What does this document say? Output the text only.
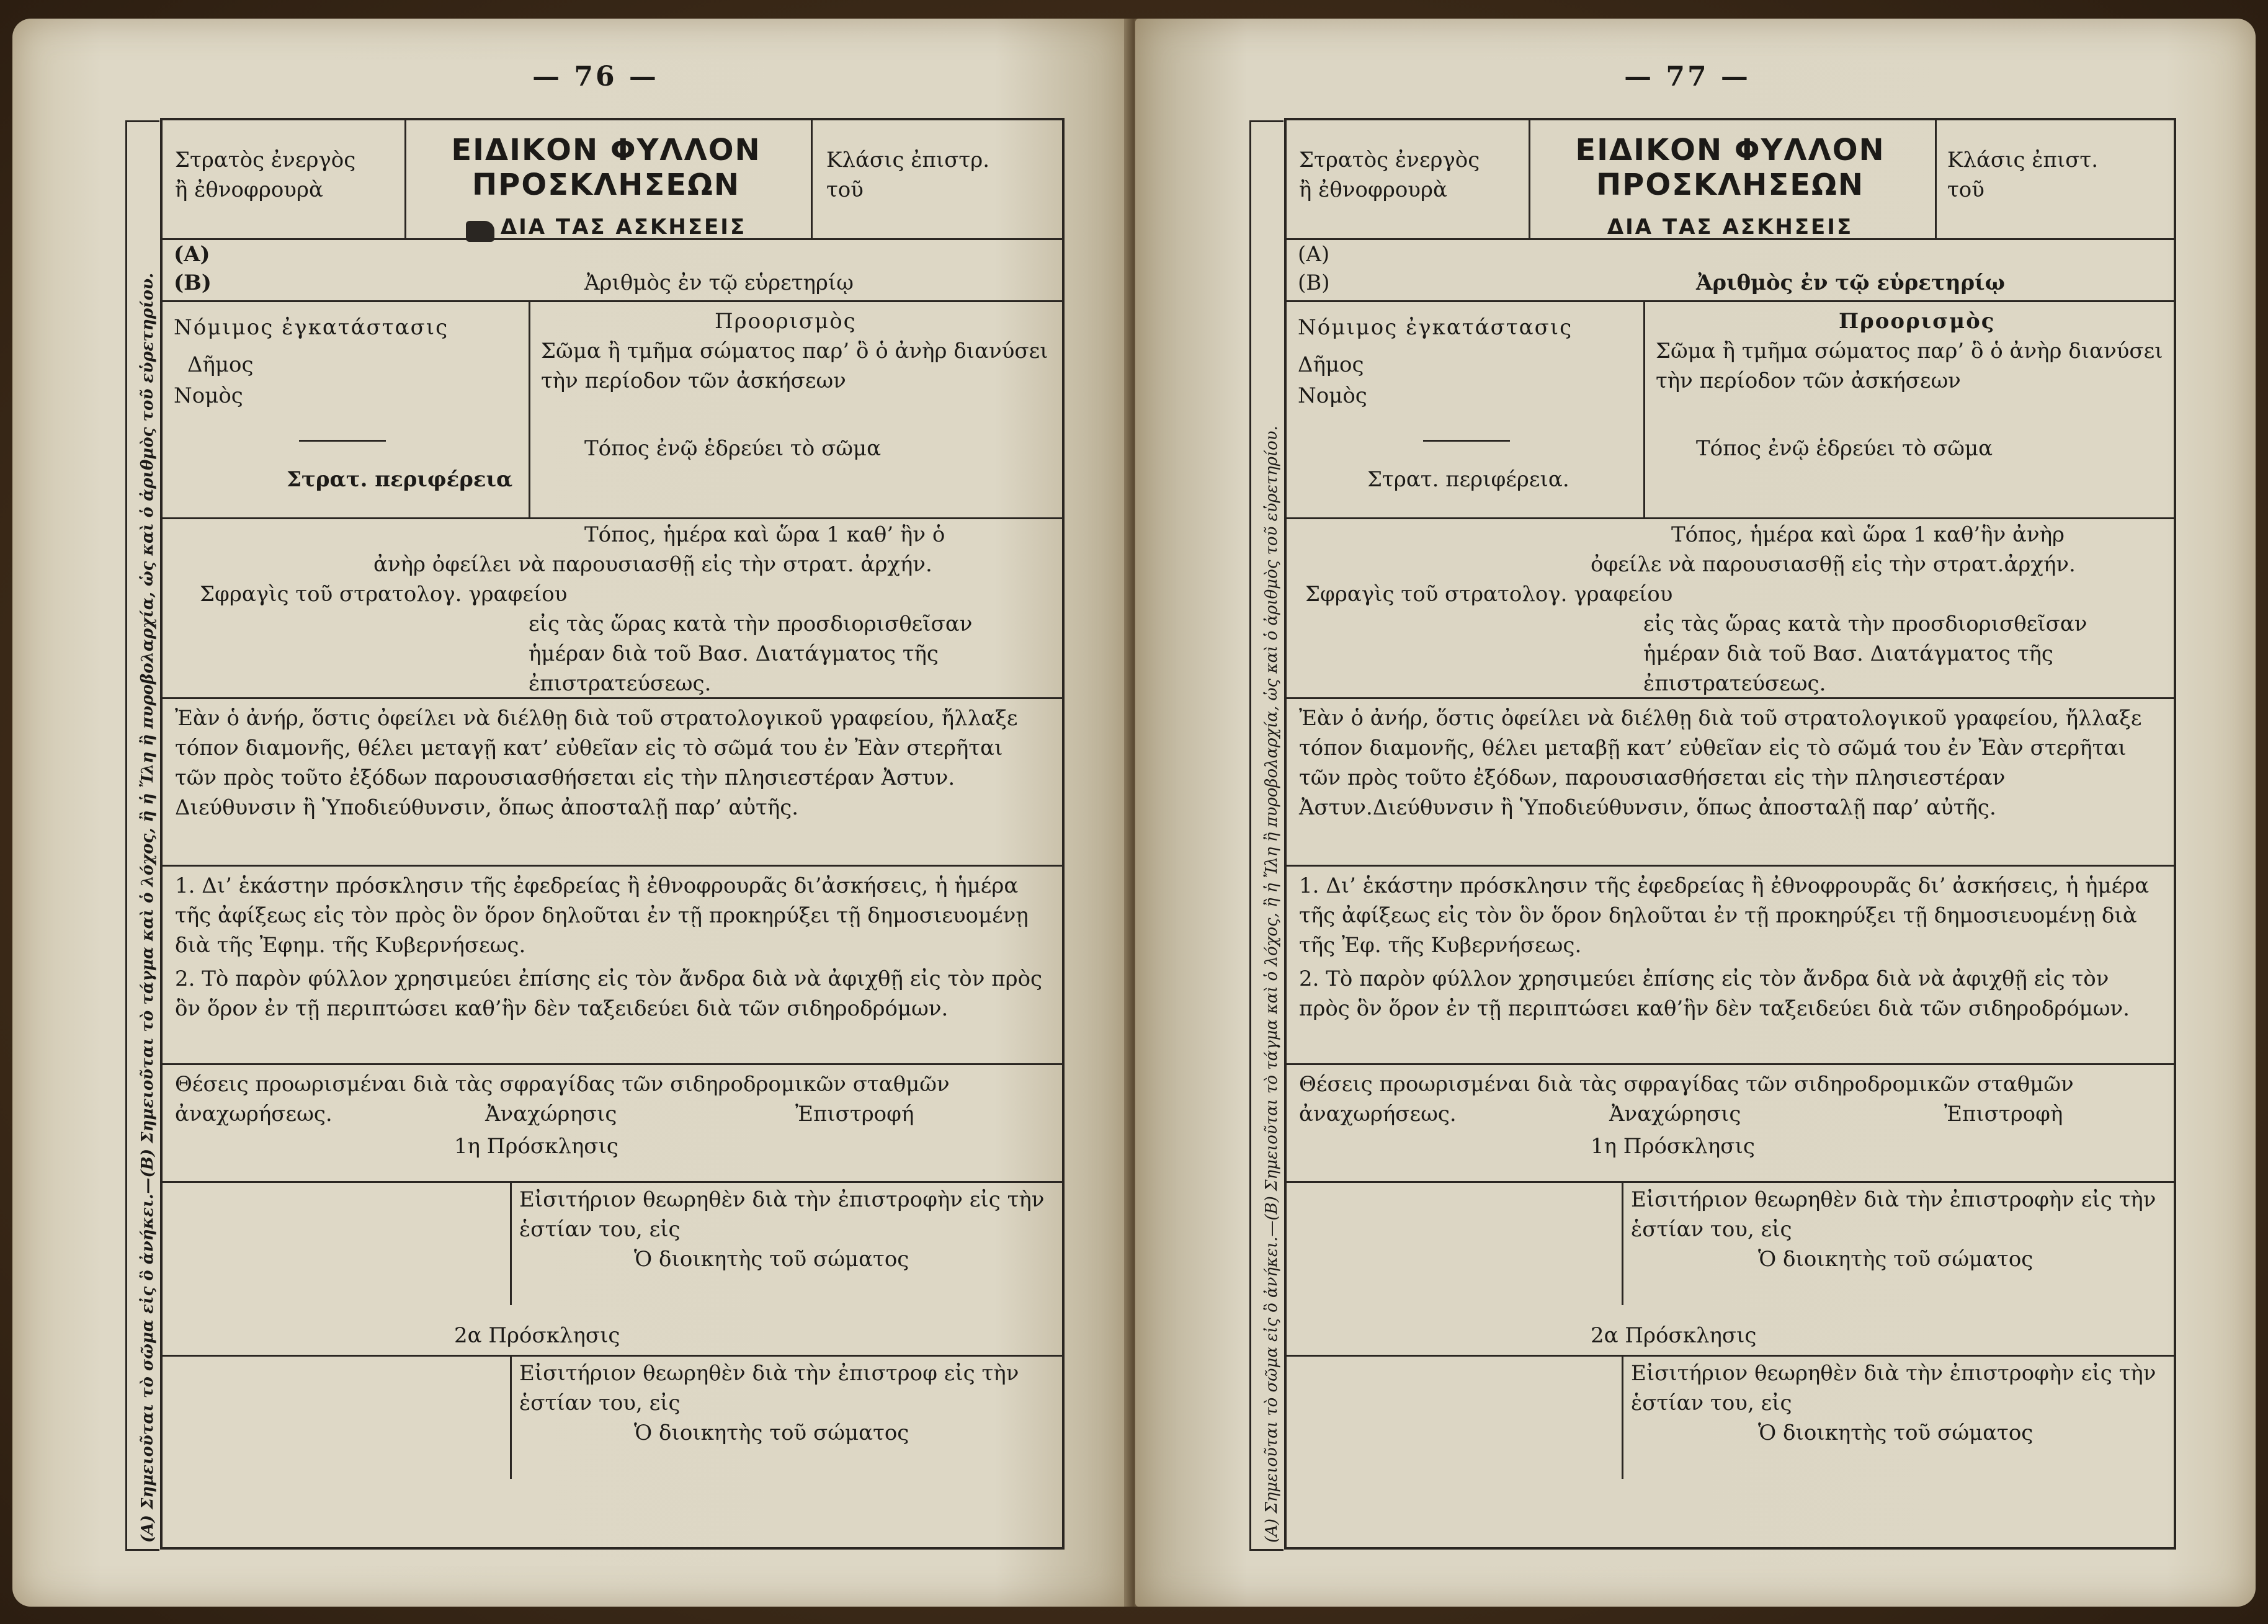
— 76 —
(Α) Σημειοῦται τὸ σῶμα εἰς ὃ ἀνήκει.—(Β) Σημειοῦται τὸ τάγμα καὶ ὁ λόχος, ἢ ἡ Ἴλη ἢ πυροβολαρχία, ὡς καὶ ὁ ἀριθμὸς τοῦ εὑρετηρίου.
Στρατὸς ἐνεργὸς
ἢ ἐθνοφρουρὰ
ΕΙΔΙΚΟΝ ΦΥΛΛΟΝ ΠΡΟΣΚΛΗΣΕΩΝ
ΔΙΑ ΤΑΣ ΑΣΚΗΣΕΙΣ
Κλάσις ἐπιστρ.
τοῦ
(Α)
(Β)	Ἀριθμὸς ἐν τῷ εὑρετηρίῳ
Νόμιμος ἐγκατάστασις
Δῆμος
Νομὸς
Στρατ. περιφέρεια
Προορισμὸς
Σῶμα ἢ τμῆμα σώματος παρ’ ὃ ὁ ἀνὴρ διανύσει τὴν περίοδον τῶν ἀσκήσεων
Τόπος ἐνῷ ἑδρεύει τὸ σῶμα
Τόπος, ἡμέρα καὶ ὥρα 1 καθ’ ἣν ὁ
ἀνὴρ ὀφείλει νὰ παρουσιασθῇ εἰς τὴν στρατ. ἀρχήν.
Σφραγὶς τοῦ στρατολογ. γραφείου
εἰς τὰς ὥρας κατὰ τὴν προσδιορισθεῖσαν ἡμέραν διὰ τοῦ Βασ. Διατάγματος τῆς ἐπιστρατεύσεως.
Ἐὰν ὁ ἀνήρ, ὅστις ὀφείλει νὰ διέλθῃ διὰ τοῦ στρατολογικοῦ γραφείου, ἤλλαξε τόπον διαμονῆς, θέλει μεταγῇ κατ’ εὐθεῖαν εἰς τὸ σῶμά του ἐν Ἐὰν στερῆται τῶν πρὸς τοῦτο ἐξόδων παρουσιασθήσεται εἰς τὴν πλησιεστέραν Ἀστυν. Διεύθυνσιν ἢ Ὑποδιεύθυνσιν, ὅπως ἀποσταλῇ παρ’ αὐτῆς.
1. Δι’ ἑκάστην πρόσκλησιν τῆς ἐφεδρείας ἢ ἐθνοφρουρᾶς δι’ἀσκήσεις, ἡ ἡμέρα τῆς ἀφίξεως εἰς τὸν πρὸς ὃν ὅρον δηλοῦται ἐν τῇ προκηρύξει τῇ δημοσιευομένῃ διὰ τῆς Ἐφημ. τῆς Κυβερνήσεως.
2. Τὸ παρὸν φύλλον χρησιμεύει ἐπίσης εἰς τὸν ἄνδρα διὰ νὰ ἀφιχθῇ εἰς τὸν πρὸς ὃν ὅρον ἐν τῇ περιπτώσει καθ’ἣν δὲν ταξειδεύει διὰ τῶν σιδηροδρόμων.
Θέσεις προωρισμέναι διὰ τὰς σφραγίδας τῶν σιδηροδρομικῶν σταθμῶν ἀναχωρήσεως.	Ἀναχώρησις	Ἐπιστροφή
1η Πρόσκλησις
Εἰσιτήριον θεωρηθὲν διὰ τὴν ἐπιστροφὴν εἰς τὴν ἑστίαν του, εἰς
Ὁ διοικητὴς τοῦ σώματος
2α Πρόσκλησις
Εἰσιτήριον θεωρηθὲν διὰ τὴν ἐπιστροφ εἰς τὴν ἑστίαν του, εἰς
Ὁ διοικητὴς τοῦ σώματος
— 77 —
(Α) Σημειοῦται τὸ σῶμα εἰς ὃ ἀνήκει.—(Β) Σημειοῦται τὸ τάγμα καὶ ὁ λόχος, ἢ ἡ Ἴλη ἢ πυροβολαρχία, ὡς καὶ ὁ ἀριθμὸς τοῦ εὑρετηρίου.
Στρατὸς ἐνεργὸς
ἢ ἐθνοφρουρὰ
ΕΙΔΙΚΟΝ ΦΥΛΛΟΝ ΠΡΟΣΚΛΗΣΕΩΝ
ΔΙΑ ΤΑΣ ΑΣΚΗΣΕΙΣ
Κλάσις ἐπιστ.
τοῦ
(Α)
(Β)	Ἀριθμὸς ἐν τῷ εὑρετηρίῳ
Νόμιμος ἐγκατάστασις
Δῆμος
Νομὸς
Στρατ. περιφέρεια.
Προορισμὸς
Σῶμα ἢ τμῆμα σώματος παρ’ ὃ ὁ ἀνὴρ διανύσει τὴν περίοδον τῶν ἀσκήσεων
Τόπος ἐνῷ ἑδρεύει τὸ σῶμα
Τόπος, ἡμέρα καὶ ὥρα 1 καθ’ἣν ἀνὴρ
ὀφείλε νὰ παρουσιασθῇ εἰς τὴν στρατ.ἀρχήν.
Σφραγὶς τοῦ στρατολογ. γραφείου
εἰς τὰς ὥρας κατὰ τὴν προσδιορισθεῖσαν ἡμέραν διὰ τοῦ Βασ. Διατάγματος τῆς ἐπιστρατεύσεως.
Ἐὰν ὁ ἀνήρ, ὅστις ὀφείλει νὰ διέλθῃ διὰ τοῦ στρατολογικοῦ γραφείου, ἤλλαξε τόπον διαμονῆς, θέλει μεταβῇ κατ’ εὐθεῖαν εἰς τὸ σῶμά του ἐν Ἐὰν στερῆται τῶν πρὸς τοῦτο ἐξόδων, παρουσιασθήσεται εἰς τὴν πλησιεστέραν Ἀστυν.Διεύθυνσιν ἢ Ὑποδιεύθυνσιν, ὅπως ἀποσταλῇ παρ’ αὐτῆς.
1. Δι’ ἑκάστην πρόσκλησιν τῆς ἐφεδρείας ἢ ἐθνοφρουρᾶς δι’ ἀσκήσεις, ἡ ἡμέρα τῆς ἀφίξεως εἰς τὸν ὃν ὅρον δηλοῦται ἐν τῇ προκηρύξει τῇ δημοσιευομένῃ διὰ τῆς Ἐφ. τῆς Κυβερνήσεως.
2. Τὸ παρὸν φύλλον χρησιμεύει ἐπίσης εἰς τὸν ἄνδρα διὰ νὰ ἀφιχθῇ εἰς τὸν πρὸς ὃν ὅρον ἐν τῇ περιπτώσει καθ’ἣν δὲν ταξειδεύει διὰ τῶν σιδηροδρόμων.
Θέσεις προωρισμέναι διὰ τὰς σφραγίδας τῶν σιδηροδρομικῶν σταθμῶν ἀναχωρήσεως.	Ἀναχώρησις	Ἐπιστροφὴ
1η Πρόσκλησις
Εἰσιτήριον θεωρηθὲν διὰ τὴν ἐπιστροφὴν εἰς τὴν ἑστίαν του, εἰς
Ὁ διοικητὴς τοῦ σώματος
2α Πρόσκλησις
Εἰσιτήριον θεωρηθὲν διὰ τὴν ἐπιστροφὴν εἰς τὴν ἑστίαν του, εἰς
Ὁ διοικητὴς τοῦ σώματος
